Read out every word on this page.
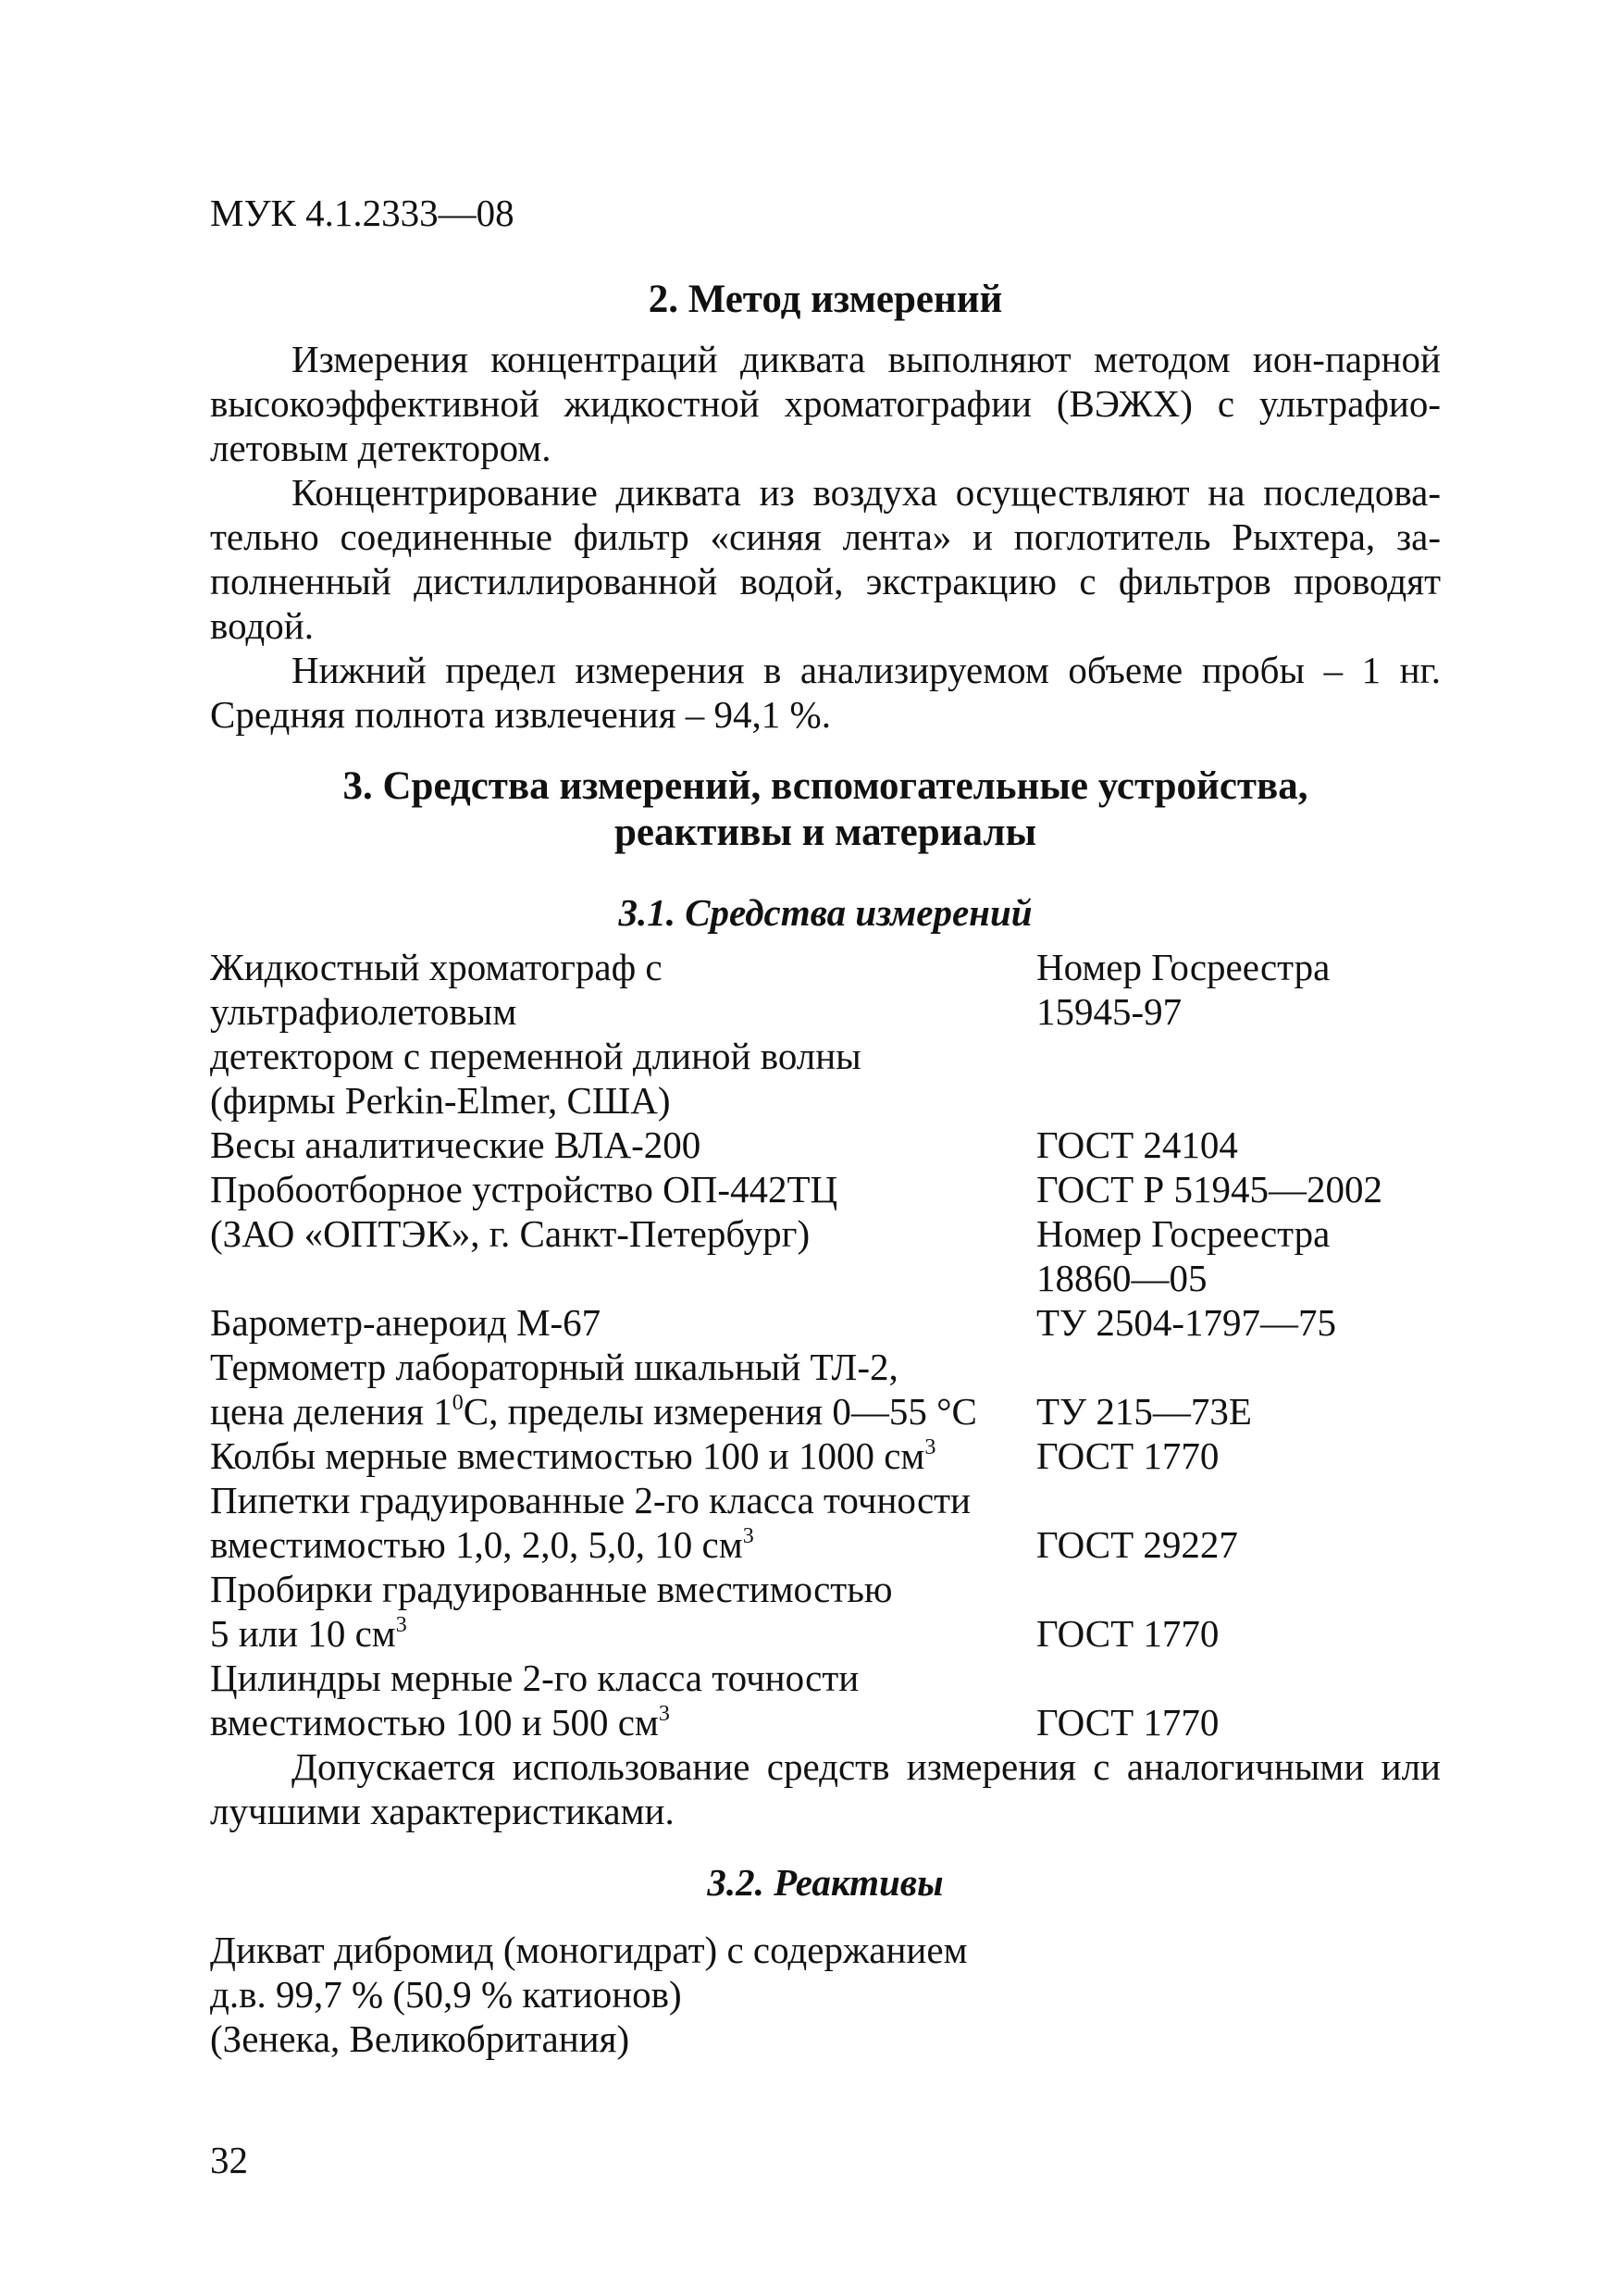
МУК 4.1.2333—08

2. Метод измерений

Измерения концентраций диквата выполняют методом ион-парной

высокоэффективной жидкостной хроматографии (ВЭЖХ) с ультрафио-

летовым детектором.

Концентрирование диквата из воздуха осуществляют на последова-

тельно соединенные фильтр «синяя лента» и поглотитель Рыхтера, за-

полненный дистиллированной водой, экстракцию с фильтров проводят

водой.

Нижний предел измерения в анализируемом объеме пробы – 1 нг.

Средняя полнота извлечения – 94,1 %.

3. Средства измерений, вспомогательные устройства,

реактивы и материалы

3.1. Средства измерений

Жидкостный хроматограф с	Номер Госреестра
ультрафиолетовым	15945-97
детектором с переменной длиной волны
(фирмы Perkin-Elmer, США)
Весы аналитические ВЛА-200	ГОСТ 24104
Пробоотборное устройство ОП-442ТЦ	ГОСТ Р 51945—2002
(ЗАО «ОПТЭК», г. Санкт-Петербург)	Номер Госреестра
18860—05
Барометр-анероид М-67	ТУ 2504-1797—75
Термометр лабораторный шкальный ТЛ-2,
цена деления $1^0С$, пределы измерения 0—55 °С ТУ 215—73Е
Колбы мерные вместимостью 100 и 1000 $см^3$	ГОСТ 1770
Пипетки градуированные 2-го класса точности
вместимостью 1,0, 2,0, 5,0, 10 $см^3$	ГОСТ 29227
Пробирки градуированные вместимостью
5 или 10 $см^3$	ГОСТ 1770
Цилиндры мерные 2-го класса точности
вместимостью 100 и 500 $см^3$	ГОСТ 1770

Допускается использование средств измерения с аналогичными или

лучшими характеристиками.

3.2. Реактивы

Дикват дибромид (моногидрат) с содержанием

д.в. 99,7 % (50,9 % катионов)

(Зенека, Великобритания)

32
